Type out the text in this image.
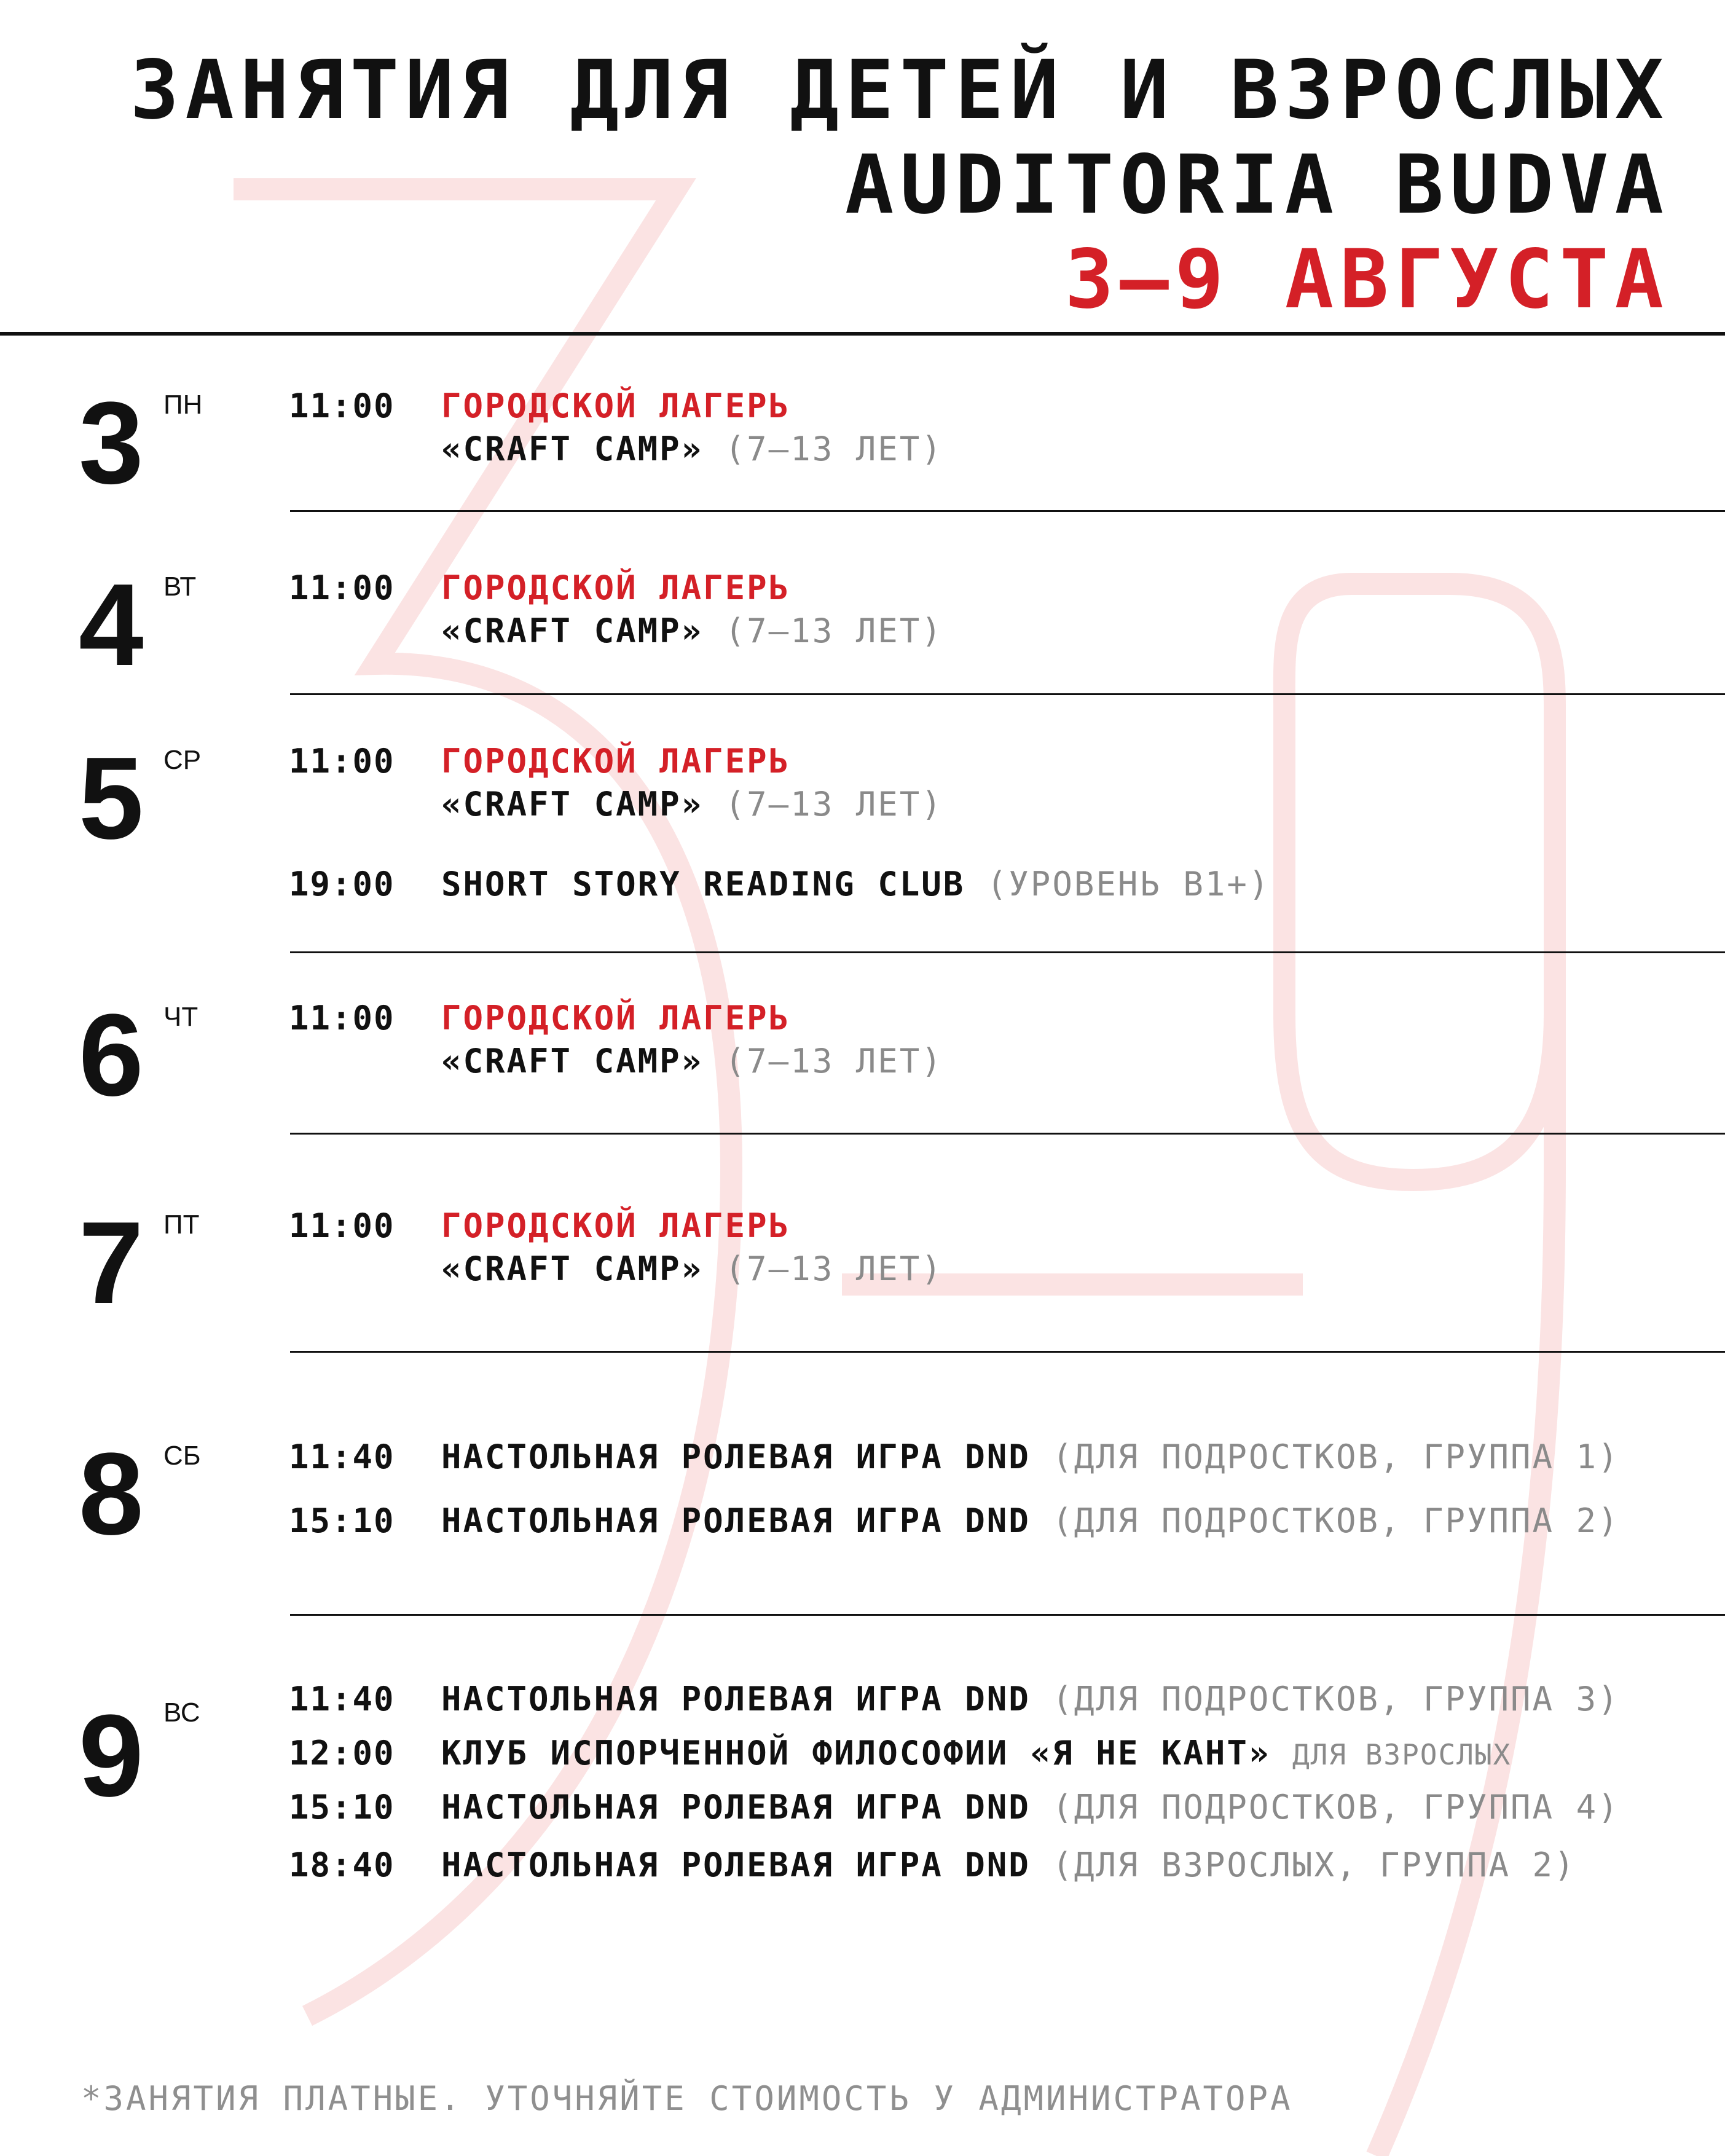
ЗАНЯТИЯ ДЛЯ ДЕТЕЙ И ВЗРОСЛЫХ
AUDITORIA BUDVA
3—9 АВГУСТА
3 ПН	11:00 ГОРОДСКОЙ ЛАГЕРЬ
«CRAFT CAMP» (7—13 ЛЕТ)
4 ВТ	11:00 ГОРОДСКОЙ ЛАГЕРЬ
«CRAFT CAMP» (7—13 ЛЕТ)
5 СР	11:00 ГОРОДСКОЙ ЛАГЕРЬ
«CRAFT CAMP» (7—13 ЛЕТ)
19:00 SHORT STORY READING CLUB (УРОВЕНЬ B1+)
6 ЧТ	11:00 ГОРОДСКОЙ ЛАГЕРЬ
«CRAFT CAMP» (7—13 ЛЕТ)
7 ПТ	11:00 ГОРОДСКОЙ ЛАГЕРЬ
«CRAFT CAMP» (7—13 ЛЕТ)
8 СБ	11:40 НАСТОЛЬНАЯ РОЛЕВАЯ ИГРА DND (ДЛЯ ПОДРОСТКОВ, ГРУППА 1)
15:10 НАСТОЛЬНАЯ РОЛЕВАЯ ИГРА DND (ДЛЯ ПОДРОСТКОВ, ГРУППА 2)
9 ВС	11:40 НАСТОЛЬНАЯ РОЛЕВАЯ ИГРА DND (ДЛЯ ПОДРОСТКОВ, ГРУППА 3)
12:00 КЛУБ ИСПОРЧЕННОЙ ФИЛОСОФИИ «Я НЕ КАНТ» ДЛЯ ВЗРОСЛЫХ
15:10 НАСТОЛЬНАЯ РОЛЕВАЯ ИГРА DND (ДЛЯ ПОДРОСТКОВ, ГРУППА 4)
18:40 НАСТОЛЬНАЯ РОЛЕВАЯ ИГРА DND (ДЛЯ ВЗРОСЛЫХ, ГРУППА 2)
*ЗАНЯТИЯ ПЛАТНЫЕ. УТОЧНЯЙТЕ СТОИМОСТЬ У АДМИНИСТРАТОРА
